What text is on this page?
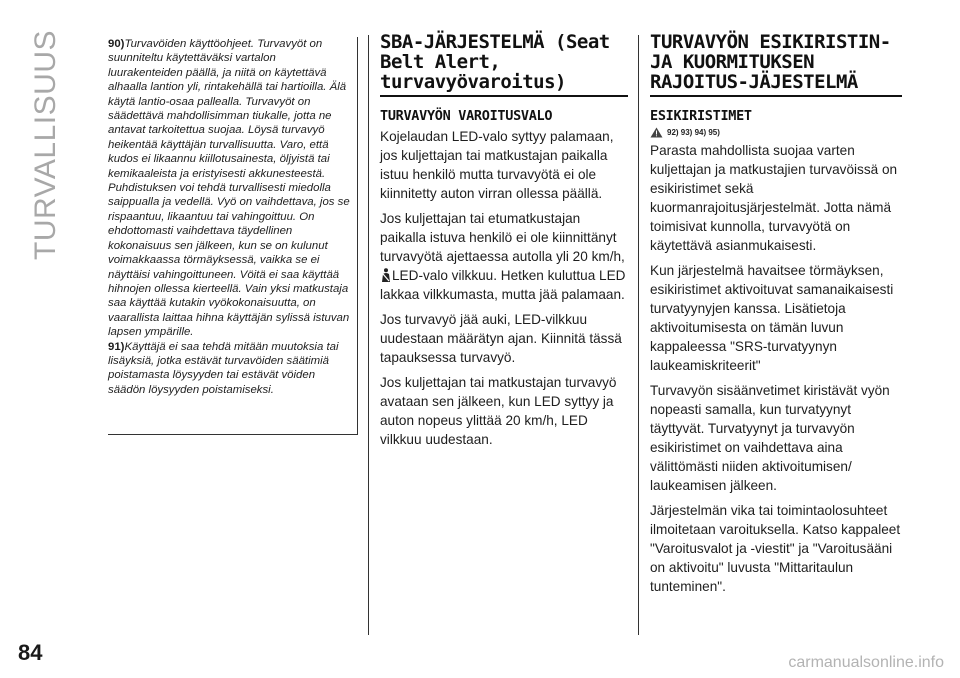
TURVALLISUUS
84

90)Turvavöiden käyttöohjeet. Turvavyöt on suunniteltu käytettäväksi vartalon luurakenteiden päällä, ja niitä on käytettävä alhaalla lantion yli, rintakehällä tai hartioilla. Älä käytä lantio-osaa pallealla. Turvavyöt on säädettävä mahdollisimman tiukalle, jotta ne antavat tarkoitettua suojaa. Löysä turvavyö heikentää käyttäjän turvallisuutta. Varo, että kudos ei likaannu kiillotusainesta, öljyistä tai kemikaaleista ja eristyisesti akkunesteestä. Puhdistuksen voi tehdä turvallisesti miedolla saippualla ja vedellä. Vyö on vaihdettava, jos se rispaantuu, likaantuu tai vahingoittuu. On ehdottomasti vaihdettava täydellinen kokonaisuus sen jälkeen, kun se on kulunut voimakkaassa törmäyksessä, vaikka se ei näyttäisi vahingoittuneen. Vöitä ei saa käyttää hihnojen ollessa kierteellä. Vain yksi matkustaja saa käyttää kutakin vyökokonaisuutta, on vaarallista laittaa hihna käyttäjän sylissä istuvan lapsen ympärille.

91)Käyttäjä ei saa tehdä mitään muutoksia tai lisäyksiä, jotka estävät turvavöiden säätimiä poistamasta löysyyden tai estävät vöiden säädön löysyyden poistamiseksi.

SBA-JÄRJESTELMÄ (Seat Belt Alert, turvavyövaroitus)
TURVAVYÖN VAROITUSVALO

Kojelaudan LED-valo syttyy palamaan, jos kuljettajan tai matkustajan paikalla istuu henkilö mutta turvavyötä ei ole kiinnitetty auton virran ollessa päällä.

Jos kuljettajan tai etumatkustajan paikalla istuva henkilö ei ole kiinnittänyt turvavyötä ajettaessa autolla yli 20 km/h,LED-valo vilkkuu. Hetken kuluttua LED lakkaa vilkkumasta, mutta jää palamaan.

Jos turvavyö jää auki, LED-vilkkuu uudestaan määrätyn ajan. Kiinnitä tässä tapauksessa turvavyö.

Jos kuljettajan tai matkustajan turvavyö avataan sen jälkeen, kun LED syttyy ja auton nopeus ylittää 20 km/h, LED vilkkuu uudestaan.

TURVAVYÖN ESIKIRISTIN- JA KUORMITUKSEN RAJOITUS-JÄJESTELMÄ
ESIKIRISTIMET
92) 93) 94) 95)

Parasta mahdollista suojaa varten kuljettajan ja matkustajien turvavöissä on esikiristimet sekä kuormanrajoitusjärjestelmät. Jotta nämä toimisivat kunnolla, turvavyötä on käytettävä asianmukaisesti.

Kun järjestelmä havaitsee törmäyksen, esikiristimet aktivoituvat samanaikaisesti turvatyynyjen kanssa. Lisätietoja aktivoitumisesta on tämän luvun kappaleessa "SRS-turvatyynyn laukeamiskriteerit"

Turvavyön sisäänvetimet kiristävät vyön nopeasti samalla, kun turvatyynyt täyttyvät. Turvatyynyt ja turvavyön esikiristimet on vaihdettava aina välittömästi niiden aktivoitumisen/ laukeamisen jälkeen.

Järjestelmän vika tai toimintaolosuhteet ilmoitetaan varoituksella. Katso kappaleet "Varoitusvalot ja -viestit" ja "Varoitusääni on aktivoitu" luvusta "Mittaritaulun tunteminen".

carmanualsonline.info
